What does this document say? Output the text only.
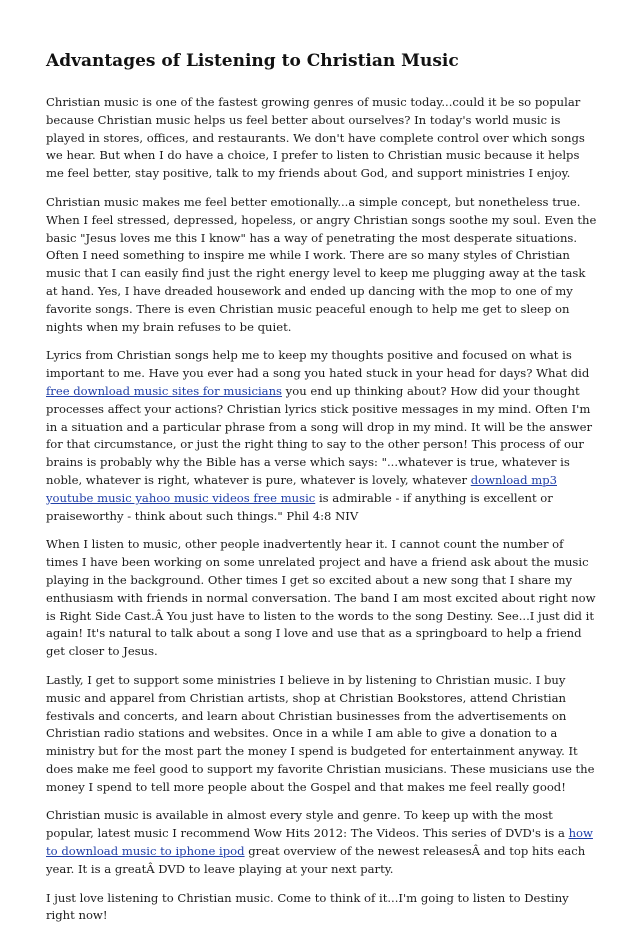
Advantages of Listening to Christian Music

Christian music is one of the fastest growing genres of music today...could it be so popular because Christian music helps us feel better about ourselves? In today's world music is played in stores, offices, and restaurants. We don't have complete control over which songs we hear. But when I do have a choice, I prefer to listen to Christian music because it helps me feel better, stay positive, talk to my friends about God, and support ministries I enjoy.

Christian music makes me feel better emotionally...a simple concept, but nonetheless true. When I feel stressed, depressed, hopeless, or angry Christian songs soothe my soul. Even the basic "Jesus loves me this I know" has a way of penetrating the most desperate situations. Often I need something to inspire me while I work. There are so many styles of Christian music that I can easily find just the right energy level to keep me plugging away at the task at hand. Yes, I have dreaded housework and ended up dancing with the mop to one of my favorite songs. There is even Christian music peaceful enough to help me get to sleep on nights when my brain refuses to be quiet.

Lyrics from Christian songs help me to keep my thoughts positive and focused on what is important to me. Have you ever had a song you hated stuck in your head for days? What did free download music sites for musicians you end up thinking about? How did your thought processes affect your actions? Christian lyrics stick positive messages in my mind. Often I'm in a situation and a particular phrase from a song will drop in my mind. It will be the answer for that circumstance, or just the right thing to say to the other person! This process of our brains is probably why the Bible has a verse which says: "...whatever is true, whatever is noble, whatever is right, whatever is pure, whatever is lovely, whatever download mp3 youtube music yahoo music videos free music is admirable - if anything is excellent or praiseworthy - think about such things." Phil 4:8 NIV

When I listen to music, other people inadvertently hear it. I cannot count the number of times I have been working on some unrelated project and have a friend ask about the music playing in the background. Other times I get so excited about a new song that I share my enthusiasm with friends in normal conversation. The band I am most excited about right now is Right Side Cast.Â You just have to listen to the words to the song Destiny. See...I just did it again! It's natural to talk about a song I love and use that as a springboard to help a friend get closer to Jesus.

Lastly, I get to support some ministries I believe in by listening to Christian music. I buy music and apparel from Christian artists, shop at Christian Bookstores, attend Christian festivals and concerts, and learn about Christian businesses from the advertisements on Christian radio stations and websites. Once in a while I am able to give a donation to a ministry but for the most part the money I spend is budgeted for entertainment anyway. It does make me feel good to support my favorite Christian musicians. These musicians use the money I spend to tell more people about the Gospel and that makes me feel really good!

Christian music is available in almost every style and genre. To keep up with the most popular, latest music I recommend Wow Hits 2012: The Videos. This series of DVD's is a how to download music to iphone ipod great overview of the newest releasesÂ and top hits each year. It is a greatÂ DVD to leave playing at your next party.

I just love listening to Christian music. Come to think of it...I'm going to listen to Destiny right now!
